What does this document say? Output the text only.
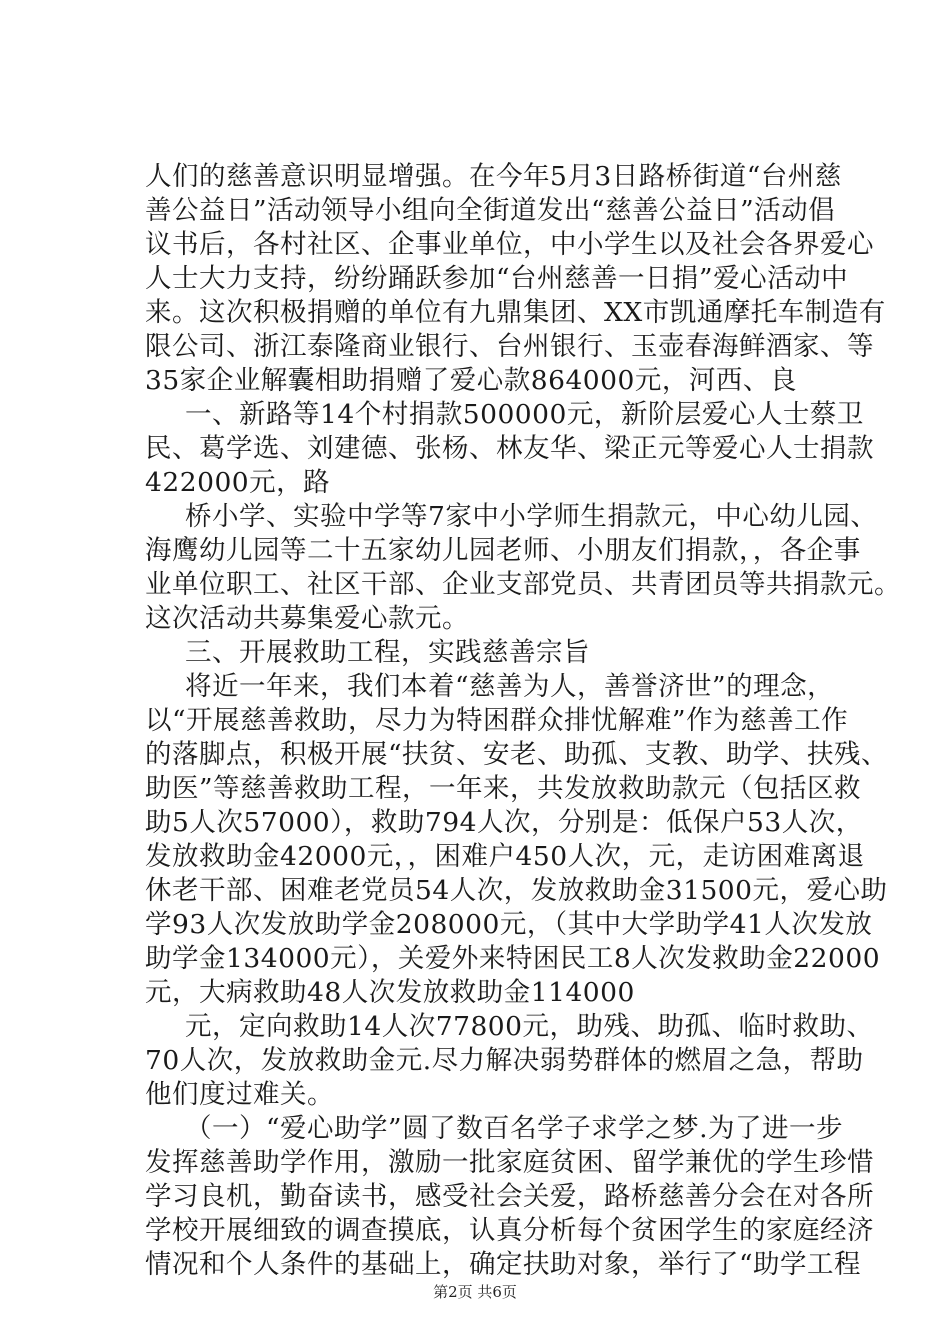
人们的慈善意识明显增强。在今年5月3日路桥街道“台州慈
善公益日”活动领导小组向全街道发出“慈善公益日”活动倡
议书后，各村社区、企事业单位，中小学生以及社会各界爱心
人士大力支持，纷纷踊跃参加“台州慈善一日捐”爱心活动中
来。这次积极捐赠的单位有九鼎集团、XX市凯通摩托车制造有
限公司、浙江泰隆商业银行、台州银行、玉壶春海鲜酒家、等
35家企业解囊相助捐赠了爱心款864000元，河西、良
一、新路等14个村捐款500000元，新阶层爱心人士蔡卫
民、葛学选、刘建德、张杨、林友华、梁正元等爱心人士捐款
422000元，路
桥小学、实验中学等7家中小学师生捐款元，中心幼儿园、
海鹰幼儿园等二十五家幼儿园老师、小朋友们捐款，，各企事
业单位职工、社区干部、企业支部党员、共青团员等共捐款元。
这次活动共募集爱心款元。
三、开展救助工程，实践慈善宗旨
将近一年来，我们本着“慈善为人，善誉济世”的理念，
以“开展慈善救助，尽力为特困群众排忧解难”作为慈善工作
的落脚点，积极开展“扶贫、安老、助孤、支教、助学、扶残、
助医”等慈善救助工程，一年来，共发放救助款元（包括区救
助5人次57000），救助794人次，分别是：低保户53人次，
发放救助金42000元，，困难户450人次，元，走访困难离退
休老干部、困难老党员54人次，发放救助金31500元，爱心助
学93人次发放助学金208000元，（其中大学助学41人次发放
助学金134000元），关爱外来特困民工8人次发救助金22000
元，大病救助48人次发放救助金114000
元，定向救助14人次77800元，助残、助孤、临时救助、
70人次，发放救助金元.尽力解决弱势群体的燃眉之急，帮助
他们度过难关。
（一）“爱心助学”圆了数百名学子求学之梦.为了进一步
发挥慈善助学作用，激励一批家庭贫困、留学兼优的学生珍惜
学习良机，勤奋读书，感受社会关爱，路桥慈善分会在对各所
学校开展细致的调查摸底，认真分析每个贫困学生的家庭经济
情况和个人条件的基础上，确定扶助对象，举行了“助学工程
第2页 共6页
